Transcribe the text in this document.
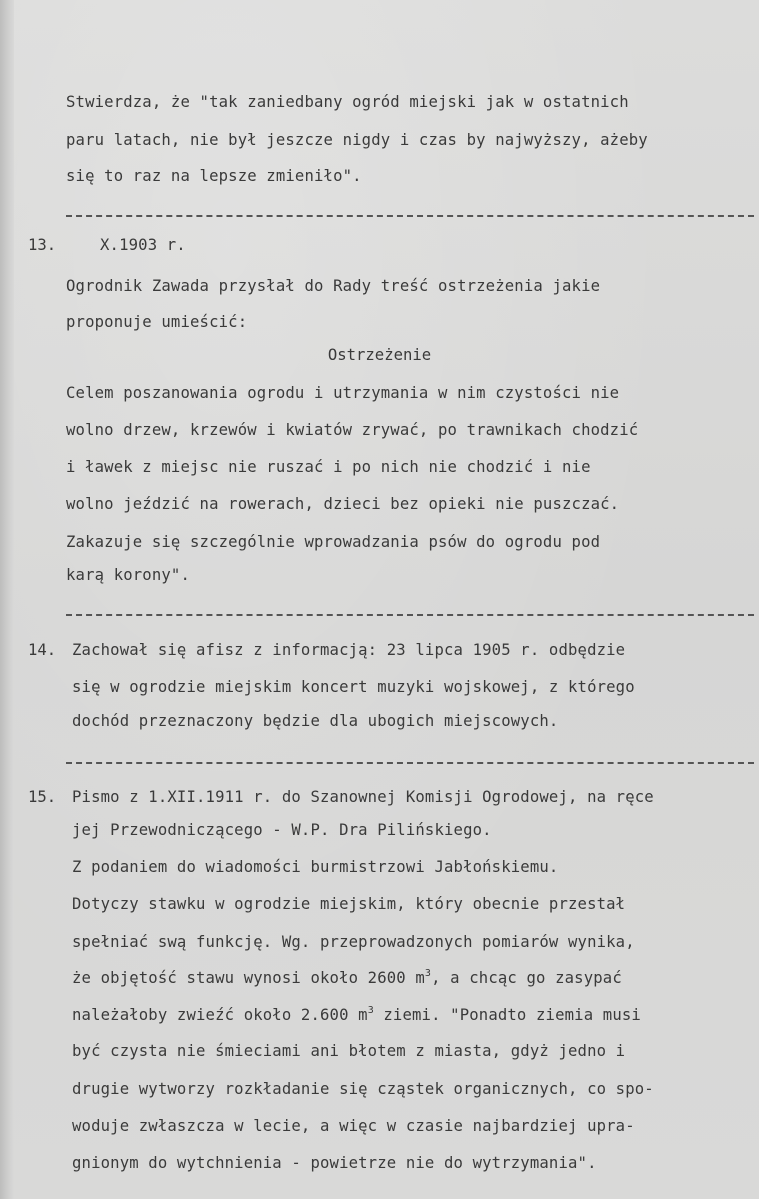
Stwierdza, że "tak zaniedbany ogród miejski jak w ostatnich
paru latach, nie był jeszcze nigdy i czas by najwyższy, ażeby
się to raz na lepsze zmieniło".
13.	X.1903 r.
Ogrodnik Zawada przysłał do Rady treść ostrzeżenia jakie
proponuje umieścić:
Ostrzeżenie
Celem poszanowania ogrodu i utrzymania w nim czystości nie
wolno drzew, krzewów i kwiatów zrywać, po trawnikach chodzić
i ławek z miejsc nie ruszać i po nich nie chodzić i nie
wolno jeździć na rowerach, dzieci bez opieki nie puszczać.
Zakazuje się szczególnie wprowadzania psów do ogrodu pod
karą korony".
14. Zachował się afisz z informacją: 23 lipca 1905 r. odbędzie
się w ogrodzie miejskim koncert muzyki wojskowej, z którego
dochód przeznaczony będzie dla ubogich miejscowych.
15. Pismo z 1.XII.1911 r. do Szanownej Komisji Ogrodowej, na ręce
jej Przewodniczącego - W.P. Dra Pilińskiego.
Z podaniem do wiadomości burmistrzowi Jabłońskiemu.
Dotyczy stawku w ogrodzie miejskim, który obecnie przestał
spełniać swą funkcję. Wg. przeprowadzonych pomiarów wynika,
że objętość stawu wynosi około 2600 $m^3$, a chcąc go zasypać
należałoby zwieźć około 2.600 $m^3$ ziemi. "Ponadto ziemia musi
być czysta nie śmieciami ani błotem z miasta, gdyż jedno i
drugie wytworzy rozkładanie się cząstek organicznych, co spo-
woduje zwłaszcza w lecie, a więc w czasie najbardziej upra-
gnionym do wytchnienia - powietrze nie do wytrzymania".
